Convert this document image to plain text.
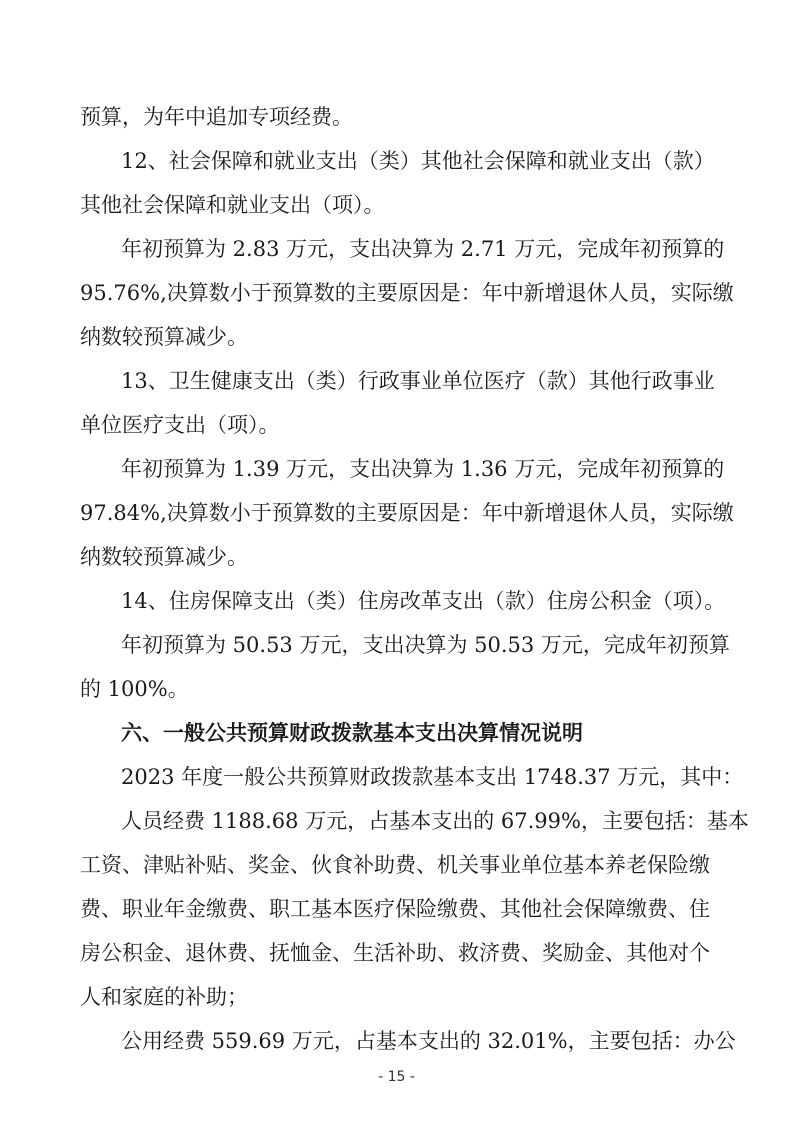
预算，为年中追加专项经费。
12、社会保障和就业支出（类）其他社会保障和就业支出（款）
其他社会保障和就业支出（项）。
年初预算为 2.83 万元，支出决算为 2.71 万元，完成年初预算的
95.76%,决算数小于预算数的主要原因是：年中新增退休人员，实际缴
纳数较预算减少。
13、卫生健康支出（类）行政事业单位医疗（款）其他行政事业
单位医疗支出（项）。
年初预算为 1.39 万元，支出决算为 1.36 万元，完成年初预算的
97.84%,决算数小于预算数的主要原因是：年中新增退休人员，实际缴
纳数较预算减少。
14、住房保障支出（类）住房改革支出（款）住房公积金（项）。
年初预算为 50.53 万元，支出决算为 50.53 万元，完成年初预算
的 100%。
六、一般公共预算财政拨款基本支出决算情况说明
2023 年度一般公共预算财政拨款基本支出 1748.37 万元，其中：
人员经费 1188.68 万元，占基本支出的 67.99%，主要包括：基本
工资、津贴补贴、奖金、伙食补助费、机关事业单位基本养老保险缴
费、职业年金缴费、职工基本医疗保险缴费、其他社会保障缴费、住
房公积金、退休费、抚恤金、生活补助、救济费、奖励金、其他对个
人和家庭的补助；
公用经费 559.69 万元，占基本支出的 32.01%，主要包括：办公
- 15 -
